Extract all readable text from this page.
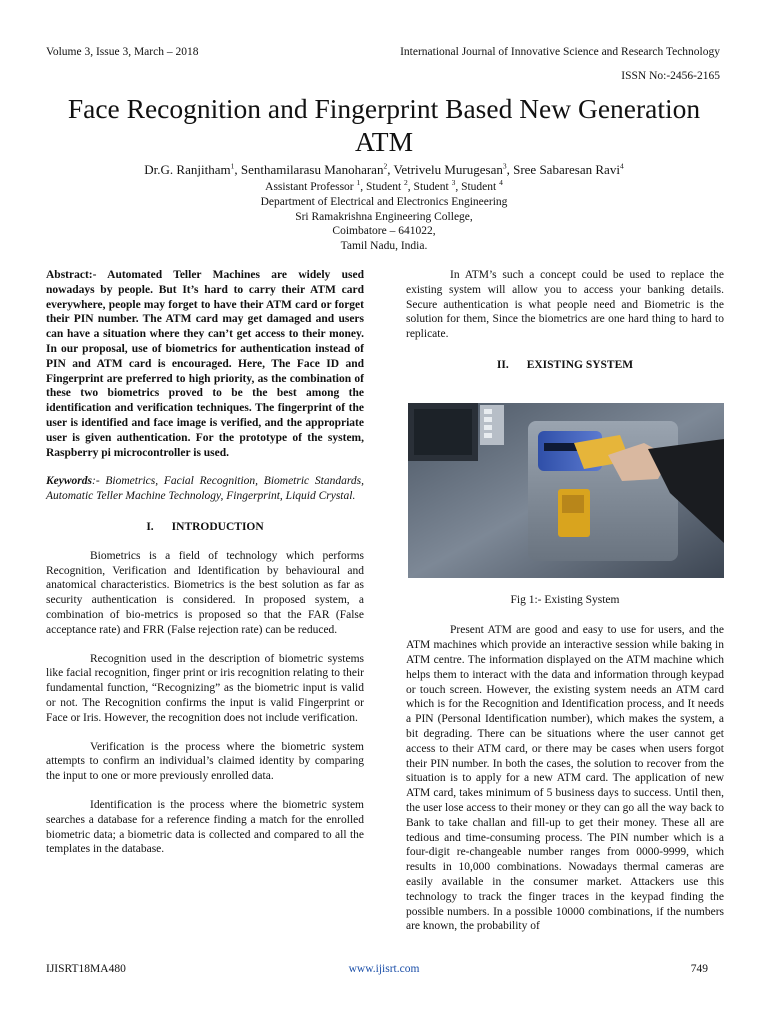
Volume 3, Issue 3, March – 2018	International Journal of Innovative Science and Research Technology
ISSN No:-2456-2165
Face Recognition and Fingerprint Based New Generation ATM
Dr.G. Ranjitham$^1$, Senthamilarasu Manoharan$^2$, Vetrivelu Murugesan$^3$, Sree Sabaresan Ravi$^4$
Assistant Professor $^1$, Student $^2$, Student $^3$, Student $^4$
Department of Electrical and Electronics Engineering
Sri Ramakrishna Engineering College,
Coimbatore – 641022,
Tamil Nadu, India.

Abstract:- Automated Teller Machines are widely used nowadays by people. But It’s hard to carry their ATM card everywhere, people may forget to have their ATM card or forget their PIN number. The ATM card may get damaged and users can have a situation where they can’t get access to their money. In our proposal, use of biometrics for authentication instead of PIN and ATM card is encouraged. Here, The Face ID and Fingerprint are preferred to high priority, as the combination of these two biometrics proved to be the best among the identification and verification techniques. The fingerprint of the user is identified and face image is verified, and the appropriate user is given authentication. For the prototype of the system, Raspberry pi microcontroller is used.

Keywords:- Biometrics, Facial Recognition, Biometric Standards, Automatic Teller Machine Technology, Fingerprint, Liquid Crystal.

I. INTRODUCTION

Biometrics is a field of technology which performs Recognition, Verification and Identification by behavioural and anatomical characteristics. Biometrics is the best solution as far as security authentication is considered. In proposed system, a combination of bio-metrics is proposed so that the FAR (False acceptance rate) and FRR (False rejection rate) can be reduced.

Recognition used in the description of biometric systems like facial recognition, finger print or iris recognition relating to their fundamental function, “Recognizing” as the biometric input is valid or not. The Recognition confirms the input is valid Fingerprint or Face or Iris. However, the recognition does not include verification.

Verification is the process where the biometric system attempts to confirm an individual’s claimed identity by comparing the input to one or more previously enrolled data.

Identification is the process where the biometric system searches a database for a reference finding a match for the enrolled biometric data; a biometric data is collected and compared to all the templates in the database.

In ATM’s such a concept could be used to replace the existing system will allow you to access your banking details. Secure authentication is what people need and Biometric is the solution for them, Since the biometrics are one hard thing to hard to replicate.

II. EXISTING SYSTEM
Fig 1:- Existing System

Present ATM are good and easy to use for users, and the ATM machines which provide an interactive session while baking in ATM centre. The information displayed on the ATM machine which helps them to interact with the data and information through keypad or touch screen. However, the existing system needs an ATM card which is for the Recognition and Identification process, and It needs a PIN (Personal Identification number), which makes the system, a bit degrading. There can be situations where the user cannot get access to their ATM card, or there may be cases when users forgot their PIN number. In both the cases, the solution to recover from the situation is to apply for a new ATM card. The application of new ATM card, takes minimum of 5 business days to success. Until then, the user lose access to their money or they can go all the way back to Bank to take challan and fill-up to get their money. These all are tedious and time-consuming process. The PIN number which is a four-digit re-changeable number ranges from 0000-9999, which results in 10,000 combinations. Nowadays thermal cameras are easily available in the consumer market. Attackers use this technology to track the finger traces in the keypad finding the possible numbers. In a possible 10000 combinations, if the numbers are known, the probability of

IJISRT18MA480	www.ijisrt.com	749
